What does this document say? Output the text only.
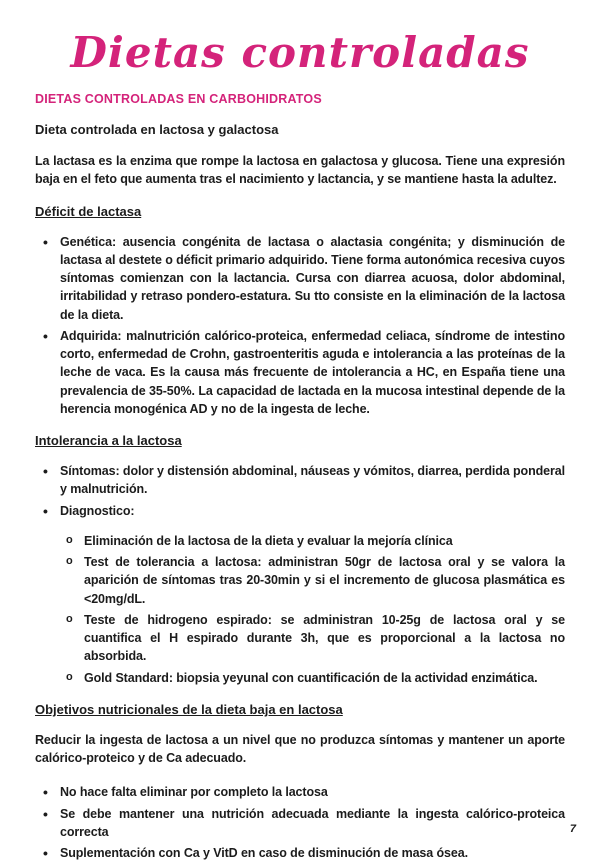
Dietas controladas
DIETAS CONTROLADAS EN CARBOHIDRATOS
Dieta controlada en lactosa y galactosa

La lactasa es la enzima que rompe la lactosa en galactosa y glucosa. Tiene una expresión baja en el feto que aumenta tras el nacimiento y lactancia, y se mantiene hasta la adultez.

Déficit de lactasa
• Genética: ausencia congénita de lactasa o alactasia congénita; y disminución de lactasa al destete o déficit primario adquirido. Tiene forma autonómica recesiva cuyos síntomas comienzan con la lactancia. Cursa con diarrea acuosa, dolor abdominal, irritabilidad y retraso pondero-estatura. Su tto consiste en la eliminación de la lactosa de la dieta.
• Adquirida: malnutrición calórico-proteica, enfermedad celiaca, síndrome de intestino corto, enfermedad de Crohn, gastroenteritis aguda e intolerancia a las proteínas de la leche de vaca. Es la causa más frecuente de intolerancia a HC, en España tiene una prevalencia de 35-50%. La capacidad de lactada en la mucosa intestinal depende de la herencia monogénica AD y no de la ingesta de leche.
Intolerancia a la lactosa
• Síntomas: dolor y distensión abdominal, náuseas y vómitos, diarrea, perdida ponderal y malnutrición.
• Diagnostico:
o Eliminación de la lactosa de la dieta y evaluar la mejoría clínica
o Test de tolerancia a lactosa: administran 50gr de lactosa oral y se valora la aparición de síntomas tras 20-30min y si el incremento de glucosa plasmática es <20mg/dL.
o Teste de hidrogeno espirado: se administran 10-25g de lactosa oral y se cuantifica el H espirado durante 3h, que es proporcional a la lactosa no absorbida.
o Gold Standard: biopsia yeyunal con cuantificación de la actividad enzimática.
Objetivos nutricionales de la dieta baja en lactosa

Reducir la ingesta de lactosa a un nivel que no produzca síntomas y mantener un aporte calórico-proteico y de Ca adecuado.

• No hace falta eliminar por completo la lactosa
• Se debe mantener una nutrición adecuada mediante la ingesta calórico-proteica correcta
• Suplementación con Ca y VitD en caso de disminución de masa ósea.
7
